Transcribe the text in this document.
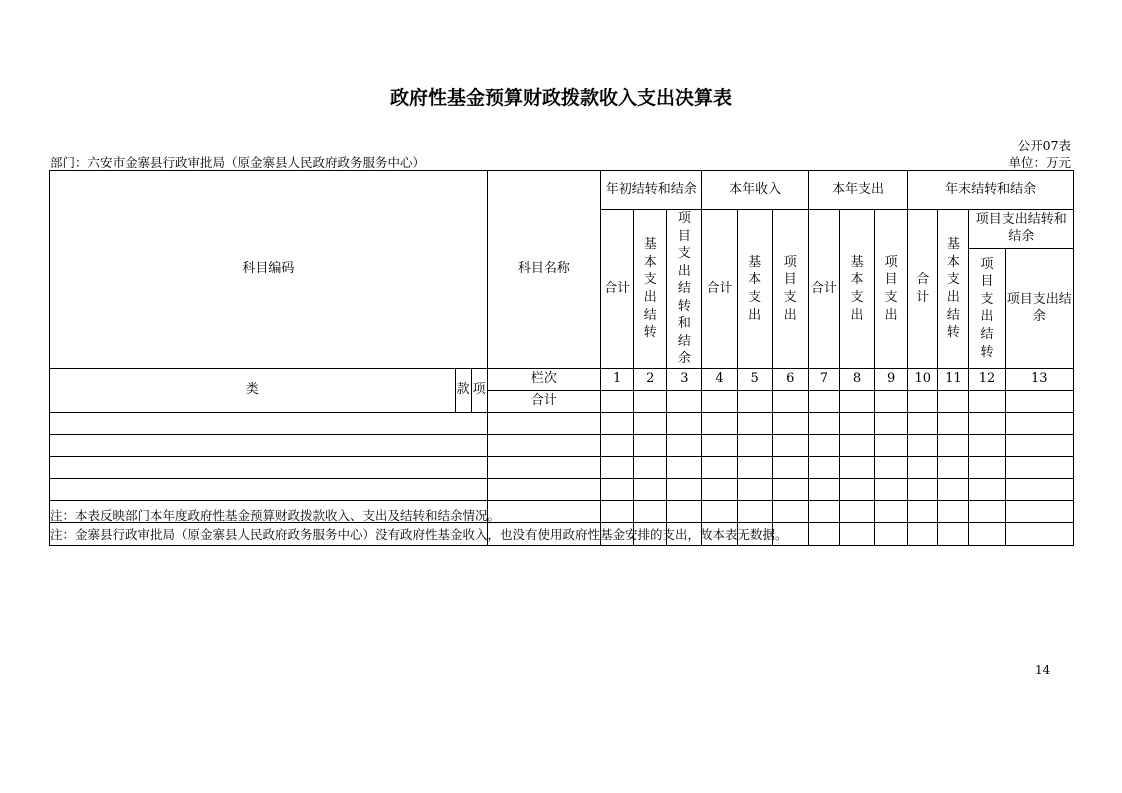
政府性基金预算财政拨款收入支出决算表
公开07表
部门：六安市金寨县行政审批局（原金寨县人民政府政务服务中心）	单位：万元
科目编码			科目名称	年初结转和结余			本年收入			本年支出			年末结转和结余			
				合计	基本支出结转	项目支出结转和结余	合计	基本支出	项目支出	合计	基本支出	项目支出	合计	基本支出结转	项目支出结转和结余	
															项目支出结转	项目支出结余

类	款	项	栏次	1	2	3	4	5	6	7	8	9	10	11	12	13
			合计													

注：本表反映部门本年度政府性基金预算财政拨款收入、支出及结转和结余情况。
注：金寨县行政审批局（原金寨县人民政府政务服务中心）没有政府性基金收入，也没有使用政府性基金安排的支出，故本表无数据。
14
